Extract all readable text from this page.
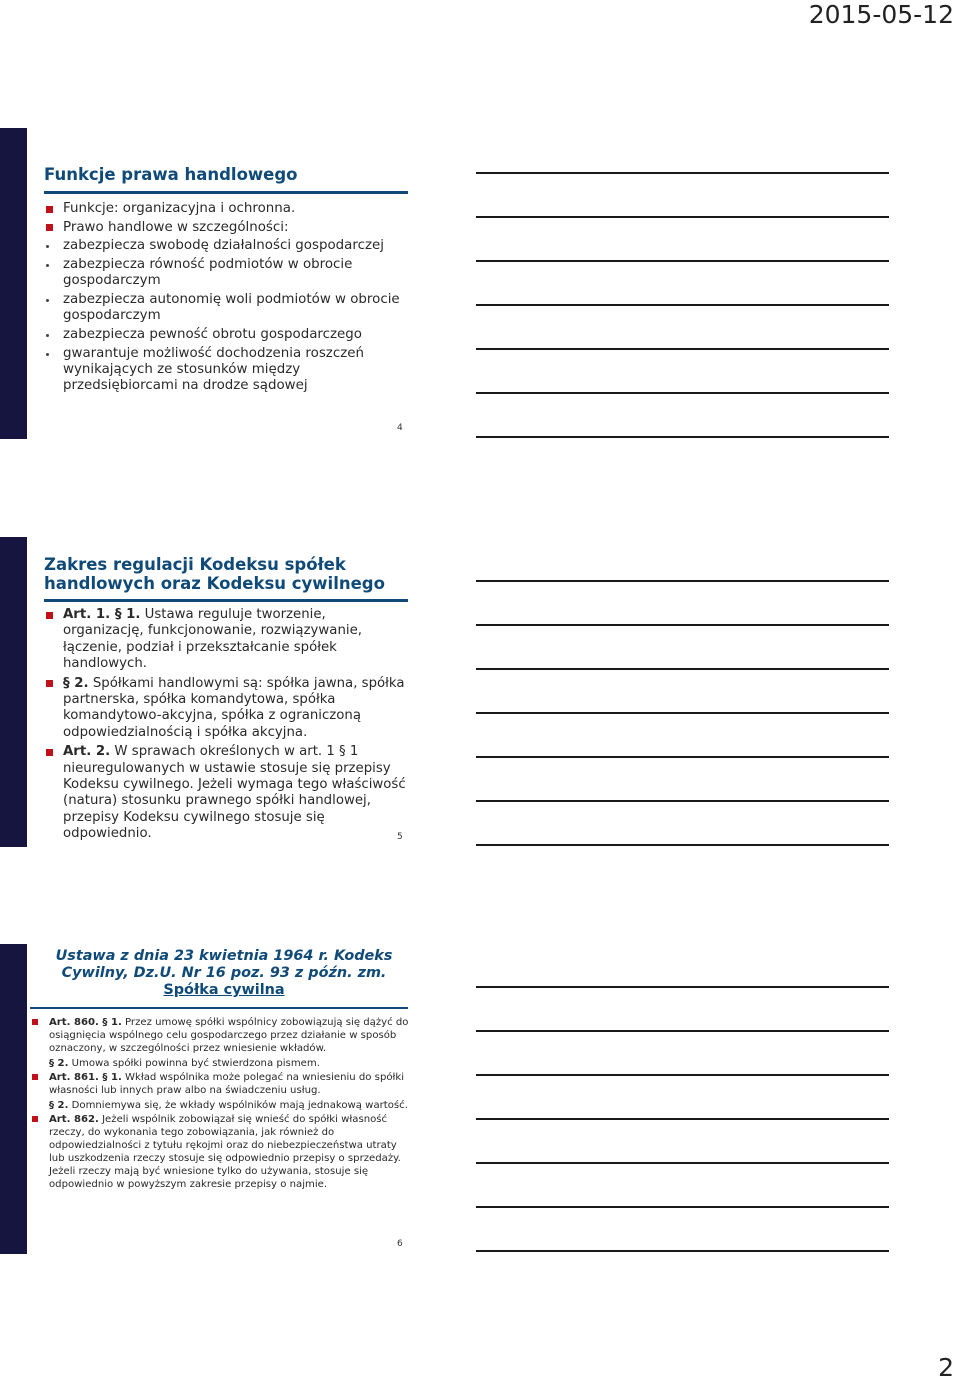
2015-05-12
Funkcje prawa handlowego
Funkcje: organizacyjna i ochronna.
Prawo handlowe w szczególności:
zabezpiecza swobodę działalności gospodarczej
zabezpiecza równość podmiotów w obrocie gospodarczym
zabezpiecza autonomię woli podmiotów w obrocie gospodarczym
zabezpiecza pewność obrotu gospodarczego
gwarantuje możliwość dochodzenia roszczeń wynikających ze stosunków między przedsiębiorcami na drodze sądowej
4
Zakres regulacji Kodeksu spółek handlowych oraz Kodeksu cywilnego
Art. 1. § 1. Ustawa reguluje tworzenie, organizację, funkcjonowanie, rozwiązywanie, łączenie, podział i przekształcanie spółek handlowych.
§ 2. Spółkami handlowymi są: spółka jawna, spółka partnerska, spółka komandytowa, spółka komandytowo-akcyjna, spółka z ograniczoną odpowiedzialnością i spółka akcyjna.
Art. 2. W sprawach określonych w art. 1 § 1 nieuregulowanych w ustawie stosuje się przepisy Kodeksu cywilnego. Jeżeli wymaga tego właściwość (natura) stosunku prawnego spółki handlowej, przepisy Kodeksu cywilnego stosuje się odpowiednio.	5
Ustawa z dnia 23 kwietnia 1964 r. Kodeks
Cywilny, Dz.U. Nr 16 poz. 93 z późn. zm.
Spółka cywilna
Art. 860. § 1. Przez umowę spółki wspólnicy zobowiązują się dążyć do osiągnięcia wspólnego celu gospodarczego przez działanie w sposób oznaczony, w szczególności przez wniesienie wkładów.
§ 2. Umowa spółki powinna być stwierdzona pismem.
Art. 861. § 1. Wkład wspólnika może polegać na wniesieniu do spółki własności lub innych praw albo na świadczeniu usług.
§ 2. Domniemywa się, że wkłady wspólników mają jednakową wartość.
Art. 862. Jeżeli wspólnik zobowiązał się wnieść do spółki własność rzeczy, do wykonania tego zobowiązania, jak również do odpowiedzialności z tytułu rękojmi oraz do niebezpieczeństwa utraty lub uszkodzenia rzeczy stosuje się odpowiednio przepisy o sprzedaży. Jeżeli rzeczy mają być wniesione tylko do używania, stosuje się odpowiednio w powyższym zakresie przepisy o najmie.
6
2
